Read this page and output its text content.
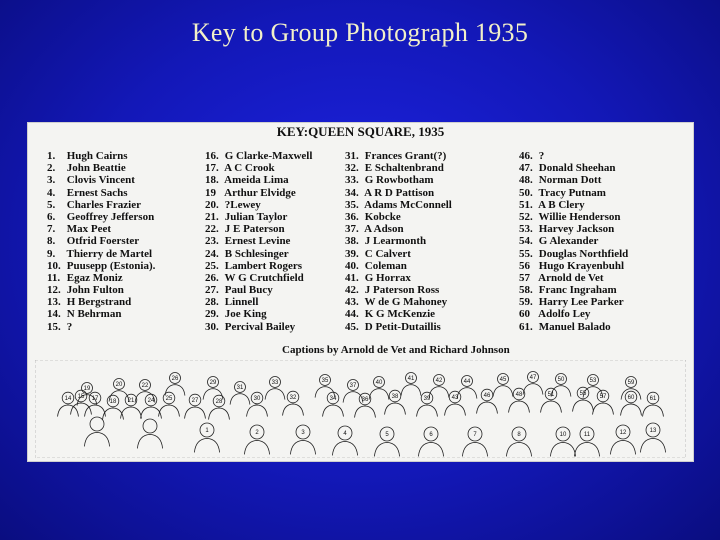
Key to Group Photograph 1935
KEY:QUEEN SQUARE, 1935
1. Hugh Cairns
2. John Beattie
3. Clovis Vincent
4. Ernest Sachs
5. Charles Frazier
6. Geoffrey Jefferson
7. Max Peet
8. Otfrid Foerster
9. Thierry de Martel
10. Puusepp (Estonia).
11. Egaz Moniz
12. John Fulton
13. H Bergstrand
14. N Behrman
15. ?
16. G Clarke-Maxwell
17. A C Crook
18. Ameida Lima
19 Arthur Elvidge
20. ?Lewey
21. Julian Taylor
22. J E Paterson
23. Ernest Levine
24. B Schlesinger
25. Lambert Rogers
26. W G Crutchfield
27. Paul Bucy
28. Linnell
29. Joe King
30. Percival Bailey
31. Frances Grant(?)
32. E Schaltenbrand
33. G Rowbotham
34. A R D Pattison
35. Adams McConnell
36. Kobcke
37. A Adson
38. J Learmonth
39. C Calvert
40. Coleman
41. G Horrax
42. J Paterson Ross
43. W de G Mahoney
44. K G McKenzie
45. D Petit-Dutaillis
46. ?
47. Donald Sheehan
48. Norman Dott
50. Tracy Putnam
51. A B Clery
52. Willie Henderson
53. Harvey Jackson
54. G Alexander
55. Douglas Northfield
56 Hugo Krayenbuhl
57 Arnold de Vet
58. Franc Ingraham
59. Harry Lee Parker
60 Adolfo Ley
61. Manuel Balado
Captions by Arnold de Vet and Richard Johnson
19
20	22
26
29
31
33	35
37	40
41	42	44	45	47	50	53	59
14 15 17 18 21 24 25	27	28	30	32	34	36	38	39	43	46	48	51	55 57	60	61
1	2	3	4	5	6	7	8	10	11	12	13
